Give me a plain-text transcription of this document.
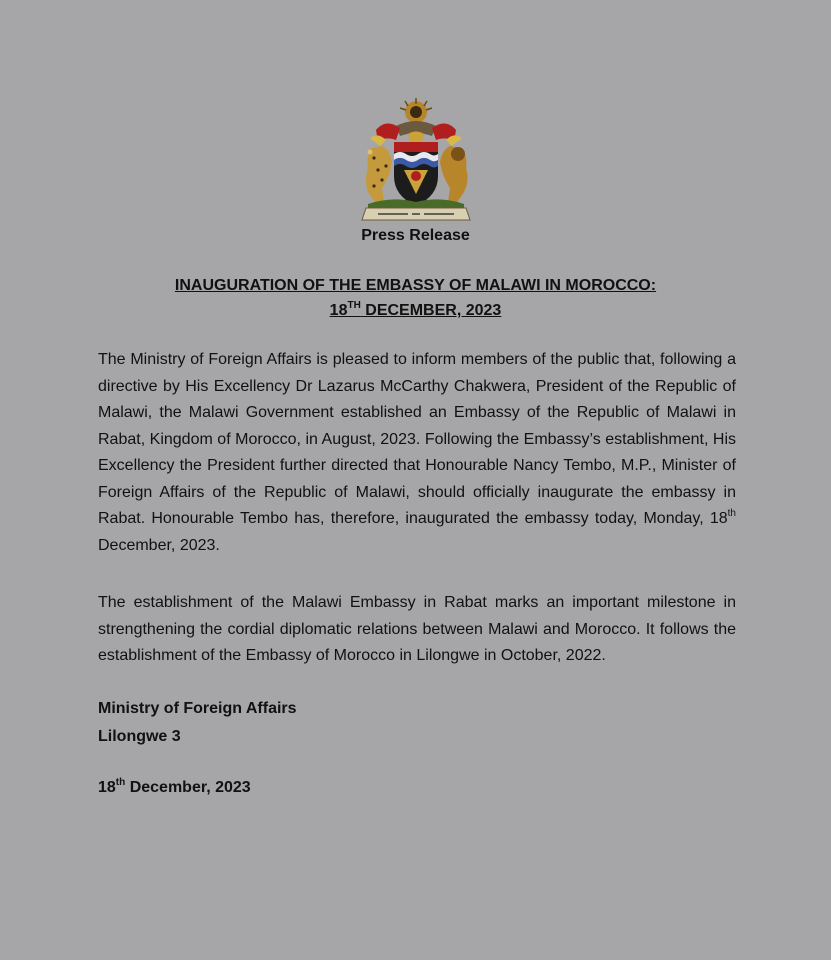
Press Release
INAUGURATION OF THE EMBASSY OF MALAWI IN MOROCCO:
18TH DECEMBER, 2023
The Ministry of Foreign Affairs is pleased to inform members of the public that, following a directive by His Excellency Dr Lazarus McCarthy Chakwera, President of the Republic of Malawi, the Malawi Government established an Embassy of the Republic of Malawi in Rabat, Kingdom of Morocco, in August, 2023. Following the Embassy’s establishment, His Excellency the President further directed that Honourable Nancy Tembo, M.P., Minister of Foreign Affairs of the Republic of Malawi, should officially inaugurate the embassy in Rabat. Honourable Tembo has, therefore, inaugurated the embassy today, Monday, 18th December, 2023.
The establishment of the Malawi Embassy in Rabat marks an important milestone in strengthening the cordial diplomatic relations between Malawi and Morocco. It follows the establishment of the Embassy of Morocco in Lilongwe in October, 2022.
Ministry of Foreign Affairs
Lilongwe 3
18th December, 2023
